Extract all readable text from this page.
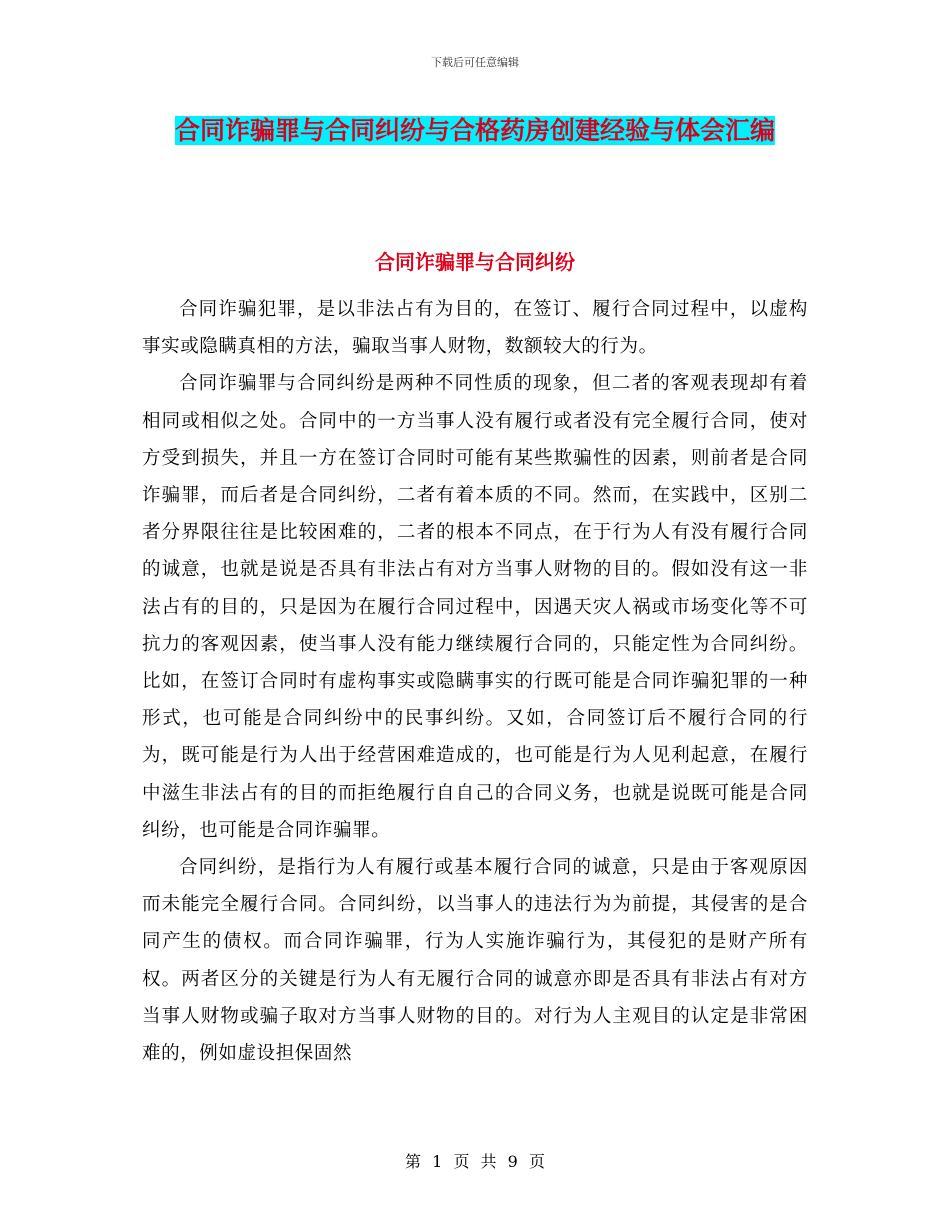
下载后可任意编辑
合同诈骗罪与合同纠纷与合格药房创建经验与体会汇编
合同诈骗罪与合同纠纷

合同诈骗犯罪，是以非法占有为目的，在签订、履行合同过程中，以虚构事实或隐瞒真相的方法，骗取当事人财物，数额较大的行为。

合同诈骗罪与合同纠纷是两种不同性质的现象，但二者的客观表现却有着相同或相似之处。合同中的一方当事人没有履行或者没有完全履行合同，使对方受到损失，并且一方在签订合同时可能有某些欺骗性的因素，则前者是合同诈骗罪，而后者是合同纠纷，二者有着本质的不同。然而，在实践中，区别二者分界限往往是比较困难的，二者的根本不同点，在于行为人有没有履行合同的诚意，也就是说是否具有非法占有对方当事人财物的目的。假如没有这一非法占有的目的，只是因为在履行合同过程中，因遇天灾人祸或市场变化等不可抗力的客观因素，使当事人没有能力继续履行合同的，只能定性为合同纠纷。比如，在签订合同时有虚构事实或隐瞒事实的行既可能是合同诈骗犯罪的一种形式，也可能是合同纠纷中的民事纠纷。又如，合同签订后不履行合同的行为，既可能是行为人出于经营困难造成的，也可能是行为人见利起意，在履行中滋生非法占有的目的而拒绝履行自自己的合同义务，也就是说既可能是合同纠纷，也可能是合同诈骗罪。

合同纠纷，是指行为人有履行或基本履行合同的诚意，只是由于客观原因而未能完全履行合同。合同纠纷，以当事人的违法行为为前提，其侵害的是合同产生的债权。而合同诈骗罪，行为人实施诈骗行为，其侵犯的是财产所有权。两者区分的关键是行为人有无履行合同的诚意亦即是否具有非法占有对方当事人财物或骗子取对方当事人财物的目的。对行为人主观目的认定是非常困难的，例如虚设担保固然

第 1 页 共 9 页
